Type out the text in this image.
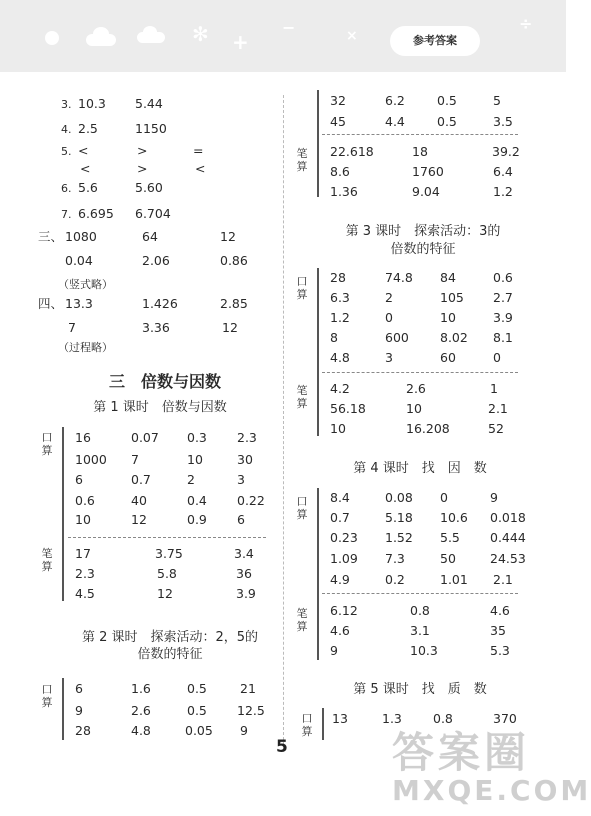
✻ +
−	×
÷
参考答案
3. 10.3 5.44
4. 2.5	1150
5. <	>	=
<	>	<
6. 5.6	5.60
7. 6.695 6.704
三、 1080	64	12
0.04	2.06	0.86
（竖式略）
四、 13.3	1.426	2.85
7	3.36	12
（过程略）
三　倍数与因数
第 1 课时　倍数与因数
口算
笔算
16	0.07 0.3 2.3
1000 7	10	30
6	0.7	2	3
0.6	40	0.4 0.22
10	12	0.9 6
17	3.75	3.4
2.3	5.8	36
4.5	12	3.9
第 2 课时　探索活动：2，5的
倍数的特征
口算
6	1.6	0.5	21
9	2.6	0.5 12.5
28	4.8	0.05 9
32	6.2	0.5	5
45	4.4	0.5	3.5
笔算
22.618	18	39.2
8.6	1760	6.4
1.36	9.04	1.2
第 3 课时　探索活动：3的
倍数的特征
口算
笔算
28	74.8 84	0.6
6.3	2	105 2.7
1.2	0	10	3.9
8	600 8.02 8.1
4.8	3	60	0
4.2	2.6	1
56.18	10	2.1
10	16.208	52
第 4 课时　找　因　数
口算
笔算
8.4	0.08 0	9
0.7	5.18 10.6 0.018
0.23 1.52 5.5 0.444
1.09 7.3	50	24.53
4.9	0.2	1.01 2.1
6.12	0.8	4.6
4.6	3.1	35
9	10.3	5.3
第 5 课时　找　质　数
口算
13	1.3 0.8	370
5 答案圈
MXQE.COM
